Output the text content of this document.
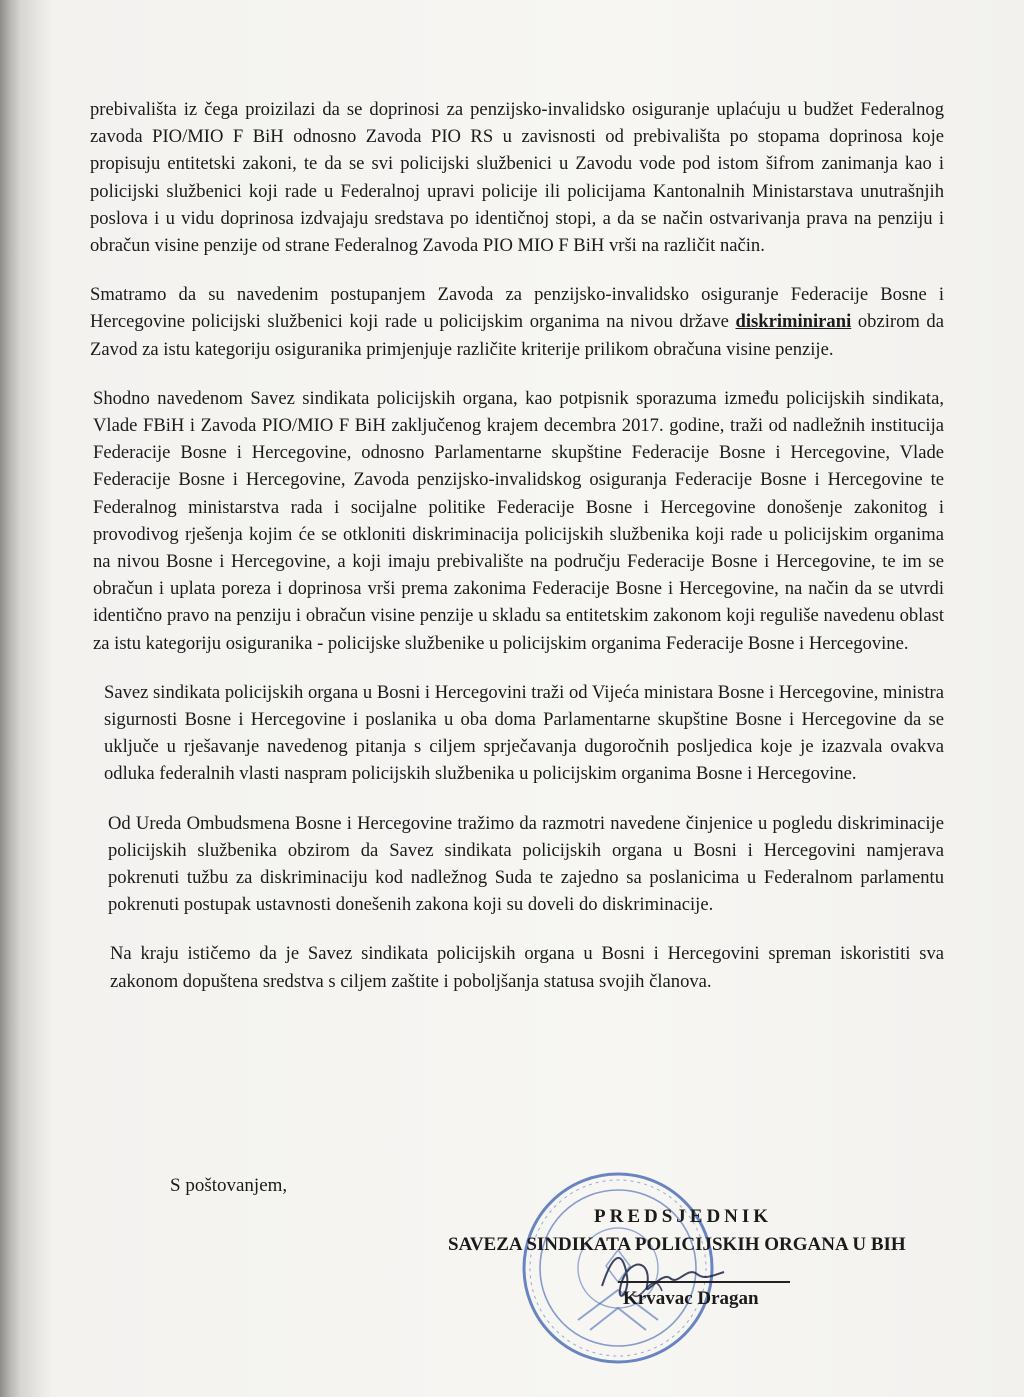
prebivališta iz čega proizilazi da se doprinosi za penzijsko-invalidsko osiguranje uplaćuju u budžet Federalnog zavoda PIO/MIO F BiH odnosno Zavoda PIO RS u zavisnosti od prebivališta po stopama doprinosa koje propisuju entitetski zakoni, te da se svi policijski službenici u Zavodu vode pod istom šifrom zanimanja kao i policijski službenici koji rade u Federalnoj upravi policije ili policijama Kantonalnih Ministarstava unutrašnjih poslova i u vidu doprinosa izdvajaju sredstava po identičnoj stopi, a da se način ostvarivanja prava na penziju i obračun visine penzije od strane Federalnog Zavoda PIO MIO F BiH vrši na različit način.

Smatramo da su navedenim postupanjem Zavoda za penzijsko-invalidsko osiguranje Federacije Bosne i Hercegovine policijski službenici koji rade u policijskim organima na nivou države diskriminirani obzirom da Zavod za istu kategoriju osiguranika primjenjuje različite kriterije prilikom obračuna visine penzije.

Shodno navedenom Savez sindikata policijskih organa, kao potpisnik sporazuma između policijskih sindikata, Vlade FBiH i Zavoda PIO/MIO F BiH zaključenog krajem decembra 2017. godine, traži od nadležnih institucija Federacije Bosne i Hercegovine, odnosno Parlamentarne skupštine Federacije Bosne i Hercegovine, Vlade Federacije Bosne i Hercegovine, Zavoda penzijsko-invalidskog osiguranja Federacije Bosne i Hercegovine te Federalnog ministarstva rada i socijalne politike Federacije Bosne i Hercegovine donošenje zakonitog i provodivog rješenja kojim će se otkloniti diskriminacija policijskih službenika koji rade u policijskim organima na nivou Bosne i Hercegovine, a koji imaju prebivalište na području Federacije Bosne i Hercegovine, te im se obračun i uplata poreza i doprinosa vrši prema zakonima Federacije Bosne i Hercegovine, na način da se utvrdi identično pravo na penziju i obračun visine penzije u skladu sa entitetskim zakonom koji reguliše navedenu oblast za istu kategoriju osiguranika - policijske službenike u policijskim organima Federacije Bosne i Hercegovine.

Savez sindikata policijskih organa u Bosni i Hercegovini traži od Vijeća ministara Bosne i Hercegovine, ministra sigurnosti Bosne i Hercegovine i poslanika u oba doma Parlamentarne skupštine Bosne i Hercegovine da se uključe u rješavanje navedenog pitanja s ciljem sprječavanja dugoročnih posljedica koje je izazvala ovakva odluka federalnih vlasti naspram policijskih službenika u policijskim organima Bosne i Hercegovine.

Od Ureda Ombudsmena Bosne i Hercegovine tražimo da razmotri navedene činjenice u pogledu diskriminacije policijskih službenika obzirom da Savez sindikata policijskih organa u Bosni i Hercegovini namjerava pokrenuti tužbu za diskriminaciju kod nadležnog Suda te zajedno sa poslanicima u Federalnom parlamentu pokrenuti postupak ustavnosti donešenih zakona koji su doveli do diskriminacije.

Na kraju ističemo da je Savez sindikata policijskih organa u Bosni i Hercegovini spreman iskoristiti sva zakonom dopuštena sredstva s ciljem zaštite i poboljšanja statusa svojih članova.

S poštovanjem,
PREDSJEDNIK
SAVEZA SINDIKATA POLICIJSKIH ORGANA U BIH
Krvavac Dragan
